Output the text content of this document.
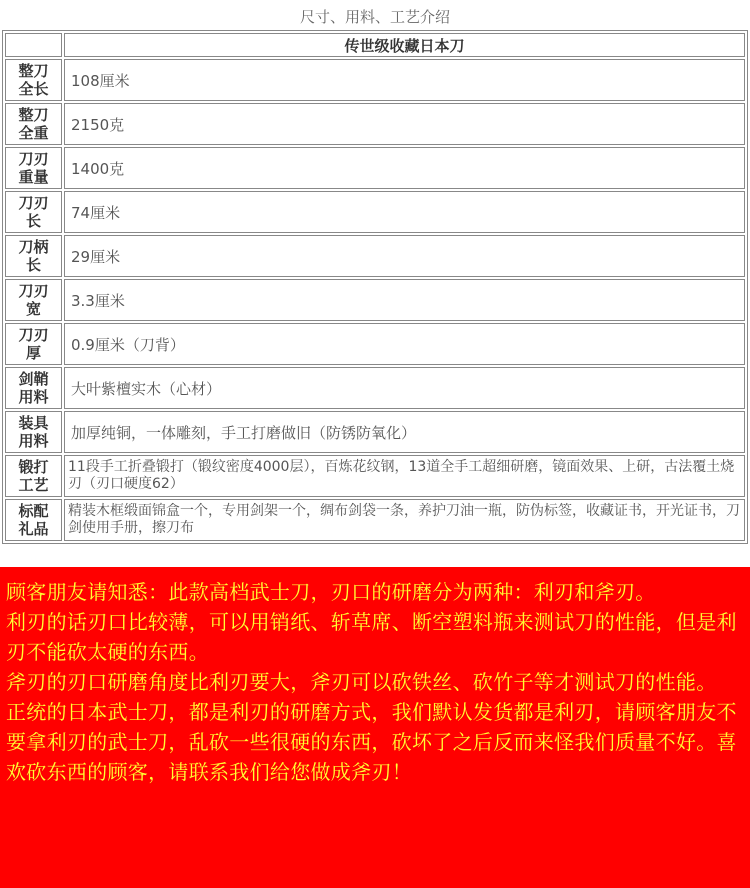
尺寸、用料、工艺介绍
	传世级收藏日本刀
整刀
全长	108厘米
整刀
全重	2150克
刀刃
重量	1400克
刀刃
长	74厘米
刀柄
长	29厘米
刀刃
宽	3.3厘米
刀刃
厚	0.9厘米（刀背）
剑鞘
用料	大叶紫檀实木（心材）
装具
用料	加厚纯铜，一体雕刻，手工打磨做旧（防锈防氧化）
锻打
工艺	11段手工折叠锻打（锻纹密度4000层），百炼花纹钢，13道全手工超细研磨，镜面效果、上研，古法覆土烧刃（刃口硬度62）
标配
礼品	精装木框缎面锦盒一个，专用剑架一个，绸布剑袋一条，养护刀油一瓶，防伪标签，收藏证书，开光证书，刀剑使用手册，擦刀布

顾客朋友请知悉：此款高档武士刀，刃口的研磨分为两种：利刃和斧刃。

利刃的话刃口比较薄，可以用销纸、斩草席、断空塑料瓶来测试刀的性能，但是利刃不能砍太硬的东西。

斧刃的刃口研磨角度比利刃要大，斧刃可以砍铁丝、砍竹子等才测试刀的性能。

正统的日本武士刀，都是利刃的研磨方式，我们默认发货都是利刃，请顾客朋友不要拿利刃的武士刀，乱砍一些很硬的东西，砍坏了之后反而来怪我们质量不好。喜欢砍东西的顾客，请联系我们给您做成斧刃！
